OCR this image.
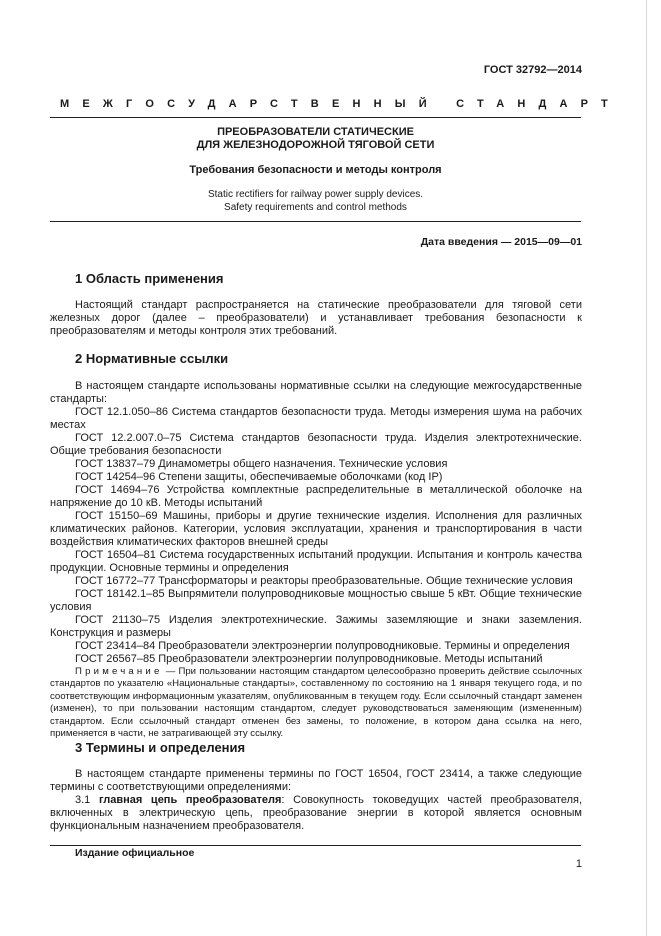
ГОСТ 32792—2014
МЕЖГОСУДАРСТВЕННЫЙ СТАНДАРТ
ПРЕОБРАЗОВАТЕЛИ СТАТИЧЕСКИЕ
ДЛЯ ЖЕЛЕЗНОДОРОЖНОЙ ТЯГОВОЙ СЕТИ
Требования безопасности и методы контроля
Static rectifiers for railway power supply devices.
Safety requirements and control methods
Дата введения — 2015—09—01
1 Область применения

Настоящий стандарт распространяется на статические преобразователи для тяговой сети железных дорог (далее – преобразователи) и устанавливает требования безопасности к преобразователям и методы контроля этих требований.

2 Нормативные ссылки

В настоящем стандарте использованы нормативные ссылки на следующие межгосударственные стандарты:

ГОСТ 12.1.050–86 Система стандартов безопасности труда. Методы измерения шума на рабочих местах

ГОСТ 12.2.007.0–75 Система стандартов безопасности труда. Изделия электротехнические. Общие требования безопасности

ГОСТ 13837–79 Динамометры общего назначения. Технические условия

ГОСТ 14254–96 Степени защиты, обеспечиваемые оболочками (код IP)

ГОСТ 14694–76 Устройства комплектные распределительные в металлической оболочке на напряжение до 10 кВ. Методы испытаний

ГОСТ 15150–69 Машины, приборы и другие технические изделия. Исполнения для различных климатических районов. Категории, условия эксплуатации, хранения и транспортирования в части воздействия климатических факторов внешней среды

ГОСТ 16504–81 Система государственных испытаний продукции. Испытания и контроль качества продукции. Основные термины и определения

ГОСТ 16772–77 Трансформаторы и реакторы преобразовательные. Общие технические условия

ГОСТ 18142.1–85 Выпрямители полупроводниковые мощностью свыше 5 кВт. Общие технические условия

ГОСТ 21130–75 Изделия электротехнические. Зажимы заземляющие и знаки заземления. Конструкция и размеры

ГОСТ 23414–84 Преобразователи электроэнергии полупроводниковые. Термины и определения

ГОСТ 26567–85 Преобразователи электроэнергии полупроводниковые. Методы испытаний

Примечание — При пользовании настоящим стандартом целесообразно проверить действие ссылочных стандартов по указателю «Национальные стандарты», составленному по состоянию на 1 января текущего года, и по соответствующим информационным указателям, опубликованным в текущем году. Если ссылочный стандарт заменен (изменен), то при пользовании настоящим стандартом, следует руководствоваться заменяющим (измененным) стандартом. Если ссылочный стандарт отменен без замены, то положение, в котором дана ссылка на него, применяется в части, не затрагивающей эту ссылку.

3 Термины и определения

В настоящем стандарте применены термины по ГОСТ 16504, ГОСТ 23414, а также следующие термины с соответствующими определениями:

3.1 главная цепь преобразователя: Совокупность токоведущих частей преобразователя, включенных в электрическую цепь, преобразование энергии в которой является основным функциональным назначением преобразователя.

Издание официальное
1
